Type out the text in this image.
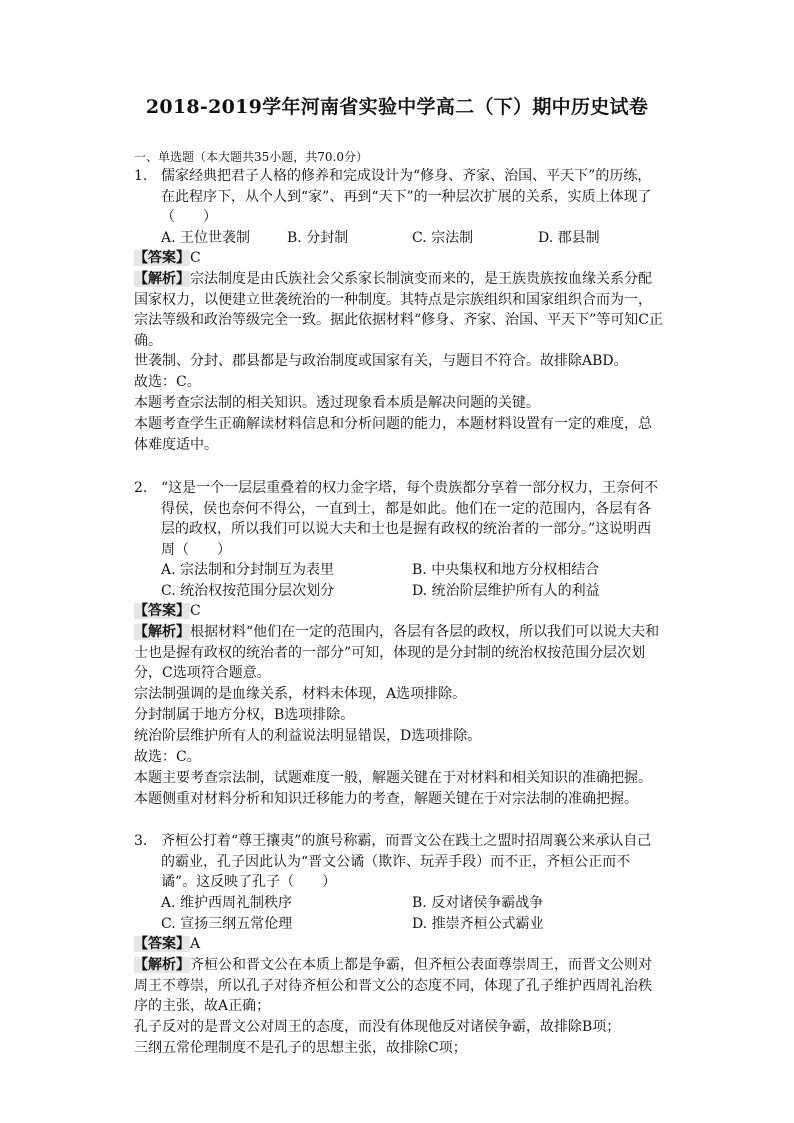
2018-2019学年河南省实验中学高二（下）期中历史试卷
一、单选题（本大题共35小题，共70.0分）
1. 儒家经典把君子人格的修养和完成设计为“修身、齐家、治国、平天下”的历练，在此程序下，从个人到“家”、再到“天下”的一种层次扩展的关系，实质上体现了（　　）
A. 王位世袭制	B. 分封制	C. 宗法制	D. 郡县制
【答案】C
【解析】宗法制度是由氏族社会父系家长制演变而来的，是王族贵族按血缘关系分配国家权力，以便建立世袭统治的一种制度。其特点是宗族组织和国家组织合而为一，宗法等级和政治等级完全一致。据此依据材料“修身、齐家、治国、平天下”等可知C正确。
世袭制、分封、郡县都是与政治制度或国家有关，与题目不符合。故排除ABD。
故选：C。
本题考查宗法制的相关知识。透过现象看本质是解决问题的关键。
本题考查学生正确解读材料信息和分析问题的能力，本题材料设置有一定的难度，总体难度适中。
2. “这是一个一层层重叠着的权力金字塔，每个贵族都分享着一部分权力，王奈何不得侯，侯也奈何不得公，一直到士，都是如此。他们在一定的范围内，各层有各层的政权，所以我们可以说大夫和士也是握有政权的统治者的一部分。”这说明西周（　　）
A. 宗法制和分封制互为表里	B. 中央集权和地方分权相结合
C. 统治权按范围分层次划分	D. 统治阶层维护所有人的利益
【答案】C
【解析】根据材料“他们在一定的范围内，各层有各层的政权，所以我们可以说大夫和士也是握有政权的统治者的一部分”可知，体现的是分封制的统治权按范围分层次划分，C选项符合题意。
宗法制强调的是血缘关系，材料未体现，A选项排除。
分封制属于地方分权，B选项排除。
统治阶层维护所有人的利益说法明显错误，D选项排除。
故选：C。
本题主要考查宗法制，试题难度一般，解题关键在于对材料和相关知识的准确把握。
本题侧重对材料分析和知识迁移能力的考查，解题关键在于对宗法制的准确把握。
3. 齐桓公打着“尊王攘夷”的旗号称霸，而晋文公在践土之盟时招周襄公来承认自己的霸业，孔子因此认为“晋文公谲（欺诈、玩弄手段）而不正，齐桓公正而不谲”。这反映了孔子（　　）
A. 维护西周礼制秩序	B. 反对诸侯争霸战争
C. 宣扬三纲五常伦理	D. 推崇齐桓公式霸业
【答案】A
【解析】齐桓公和晋文公在本质上都是争霸，但齐桓公表面尊崇周王，而晋文公则对周王不尊崇，所以孔子对待齐桓公和晋文公的态度不同，体现了孔子维护西周礼治秩序的主张，故A正确；
孔子反对的是晋文公对周王的态度，而没有体现他反对诸侯争霸，故排除B项；
三纲五常伦理制度不是孔子的思想主张，故排除C项；
